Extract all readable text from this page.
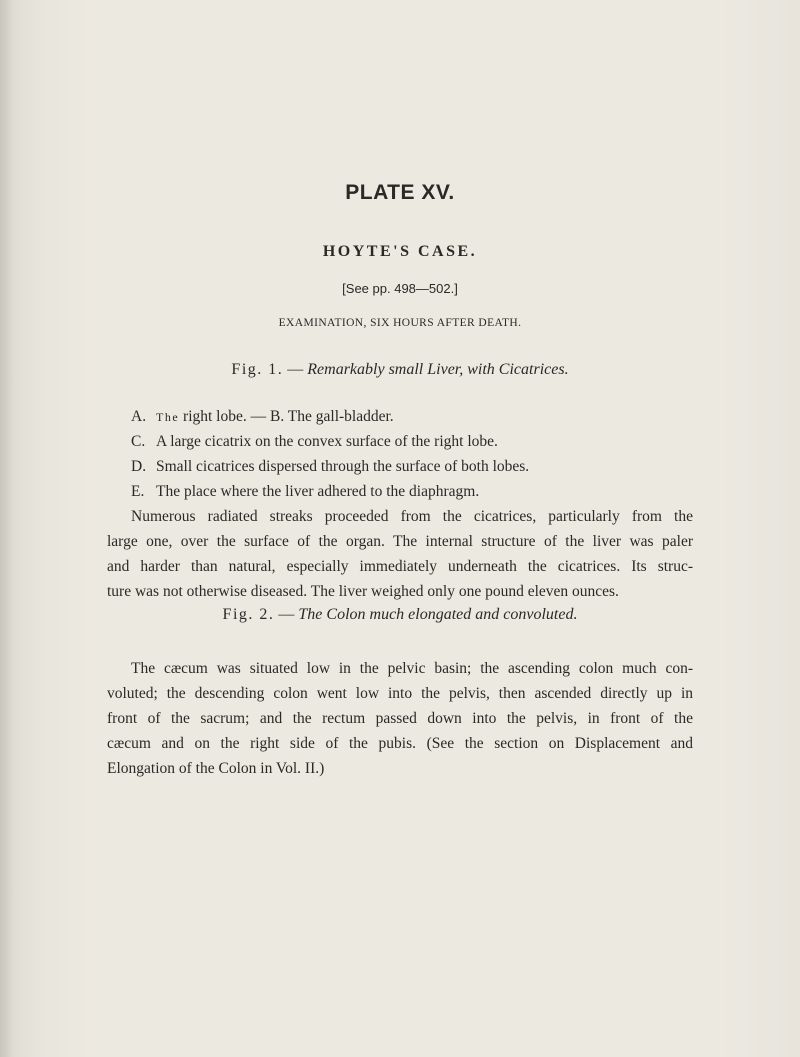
PLATE XV.
HOYTE'S CASE.
[See pp. 498—502.]
EXAMINATION, SIX HOURS AFTER DEATH.
Fig. 1. — Remarkably small Liver, with Cicatrices.
A. The right lobe. — B. The gall-bladder.
C. A large cicatrix on the convex surface of the right lobe.
D. Small cicatrices dispersed through the surface of both lobes.
E. The place where the liver adhered to the diaphragm.

Numerous radiated streaks proceeded from the cicatrices, particularly from the
large one, over the surface of the organ. The internal structure of the liver was paler
and harder than natural, especially immediately underneath the cicatrices. Its struc-
ture was not otherwise diseased. The liver weighed only one pound eleven ounces.

Fig. 2. — The Colon much elongated and convoluted.

The cæcum was situated low in the pelvic basin; the ascending colon much con-
voluted; the descending colon went low into the pelvis, then ascended directly up in
front of the sacrum; and the rectum passed down into the pelvis, in front of the
cæcum and on the right side of the pubis. (See the section on Displacement and
Elongation of the Colon in Vol. II.)
